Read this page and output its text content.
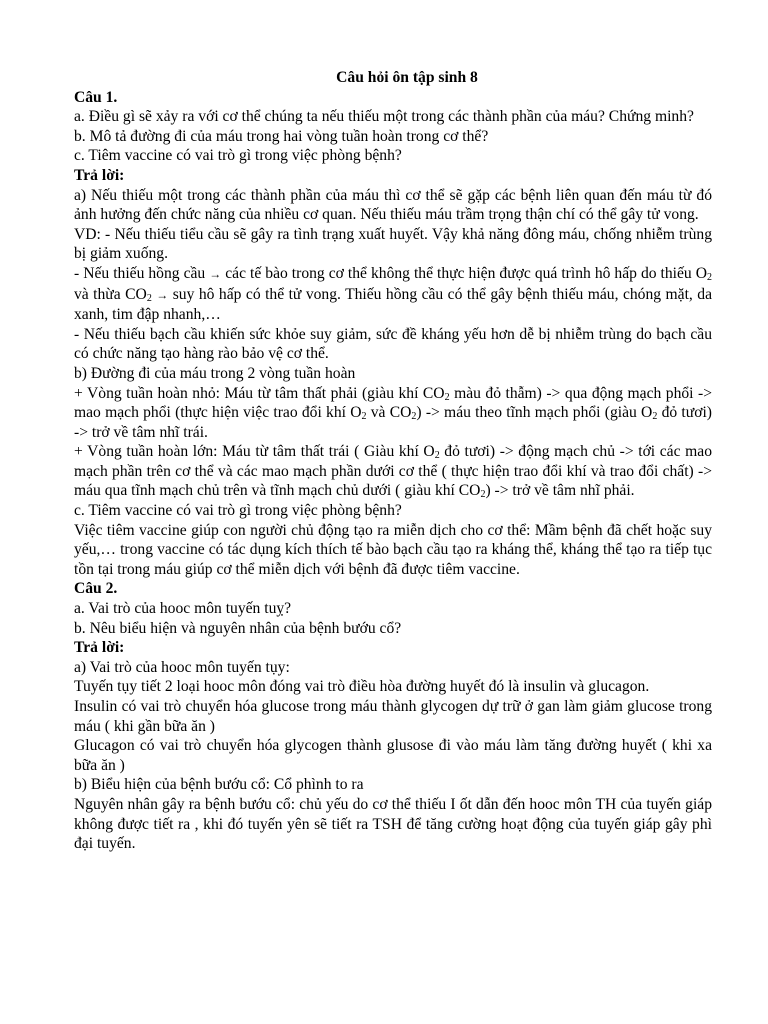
Câu hỏi ôn tập sinh 8

Câu 1.

a. Điều gì sẽ xảy ra với cơ thể chúng ta nếu thiếu một trong các thành phần của máu? Chứng minh?

b. Mô tả đường đi của máu trong hai vòng tuần hoàn trong cơ thể?

c. Tiêm vaccine có vai trò gì trong việc phòng bệnh?

Trả lời:

a) Nếu thiếu một trong các thành phần của máu thì cơ thể sẽ gặp các bệnh liên quan đến máu từ đó ảnh hưởng đến chức năng của nhiều cơ quan. Nếu thiếu máu trầm trọng thận chí có thể gây tử vong.

VD: - Nếu thiếu tiểu cầu sẽ gây ra tình trạng xuất huyết. Vậy khả năng đông máu, chống nhiễm trùng bị giảm xuống.

- Nếu thiếu hồng cầu → các tế bào trong cơ thể không thể thực hiện được quá trình hô hấp do thiếu $O_2$ và thừa $CO_2$ → suy hô hấp có thể tử vong. Thiếu hồng cầu có thể gây bệnh thiếu máu, chóng mặt, da xanh, tim đập nhanh,…

- Nếu thiếu bạch cầu khiến sức khỏe suy giảm, sức đề kháng yếu hơn dễ bị nhiễm trùng do bạch cầu có chức năng tạo hàng rào bảo vệ cơ thể.

b) Đường đi của máu trong 2 vòng tuần hoàn

+ Vòng tuần hoàn nhỏ: Máu từ tâm thất phải (giàu khí $CO_2$ màu đỏ thẫm) -> qua động mạch phổi -> mao mạch phổi (thực hiện việc trao đổi khí $O_2$ và $CO_2$) -> máu theo tĩnh mạch phổi (giàu $O_2$ đỏ tươi) -> trở về tâm nhĩ trái.

+ Vòng tuần hoàn lớn: Máu từ tâm thất trái ( Giàu khí $O_2$ đỏ tươi) -> động mạch chủ -> tới các mao mạch phần trên cơ thể và các mao mạch phần dưới cơ thể ( thực hiện trao đổi khí và trao đổi chất) -> máu qua tĩnh mạch chủ trên và tĩnh mạch chủ dưới ( giàu khí $CO_2$) -> trở về tâm nhĩ phải.

c. Tiêm vaccine có vai trò gì trong việc phòng bệnh?

Việc tiêm vaccine giúp con người chủ động tạo ra miễn dịch cho cơ thể: Mầm bệnh đã chết hoặc suy yếu,… trong vaccine có tác dụng kích thích tế bào bạch cầu tạo ra kháng thể, kháng thể tạo ra tiếp tục tồn tại trong máu giúp cơ thể miễn dịch với bệnh đã được tiêm vaccine.

Câu 2.

a. Vai trò của hooc môn tuyến tuỵ?

b. Nêu biểu hiện và nguyên nhân của bệnh bướu cổ?

Trả lời:

a) Vai trò của hooc môn tuyến tụy:

Tuyến tụy tiết 2 loại hooc môn đóng vai trò điều hòa đường huyết đó là insulin và glucagon.

Insulin có vai trò chuyển hóa glucose trong máu thành glycogen dự trữ ở gan làm giảm glucose trong máu ( khi gần bữa ăn )

Glucagon có vai trò chuyển hóa glycogen thành glusose đi vào máu làm tăng đường huyết ( khi xa bữa ăn )

b) Biểu hiện của bệnh bướu cổ: Cổ phình to ra

Nguyên nhân gây ra bệnh bướu cổ: chủ yếu do cơ thể thiếu I ốt dẫn đến hooc môn TH của tuyến giáp không được tiết ra , khi đó tuyến yên sẽ tiết ra TSH để tăng cường hoạt động của tuyến giáp gây phì đại tuyến.
